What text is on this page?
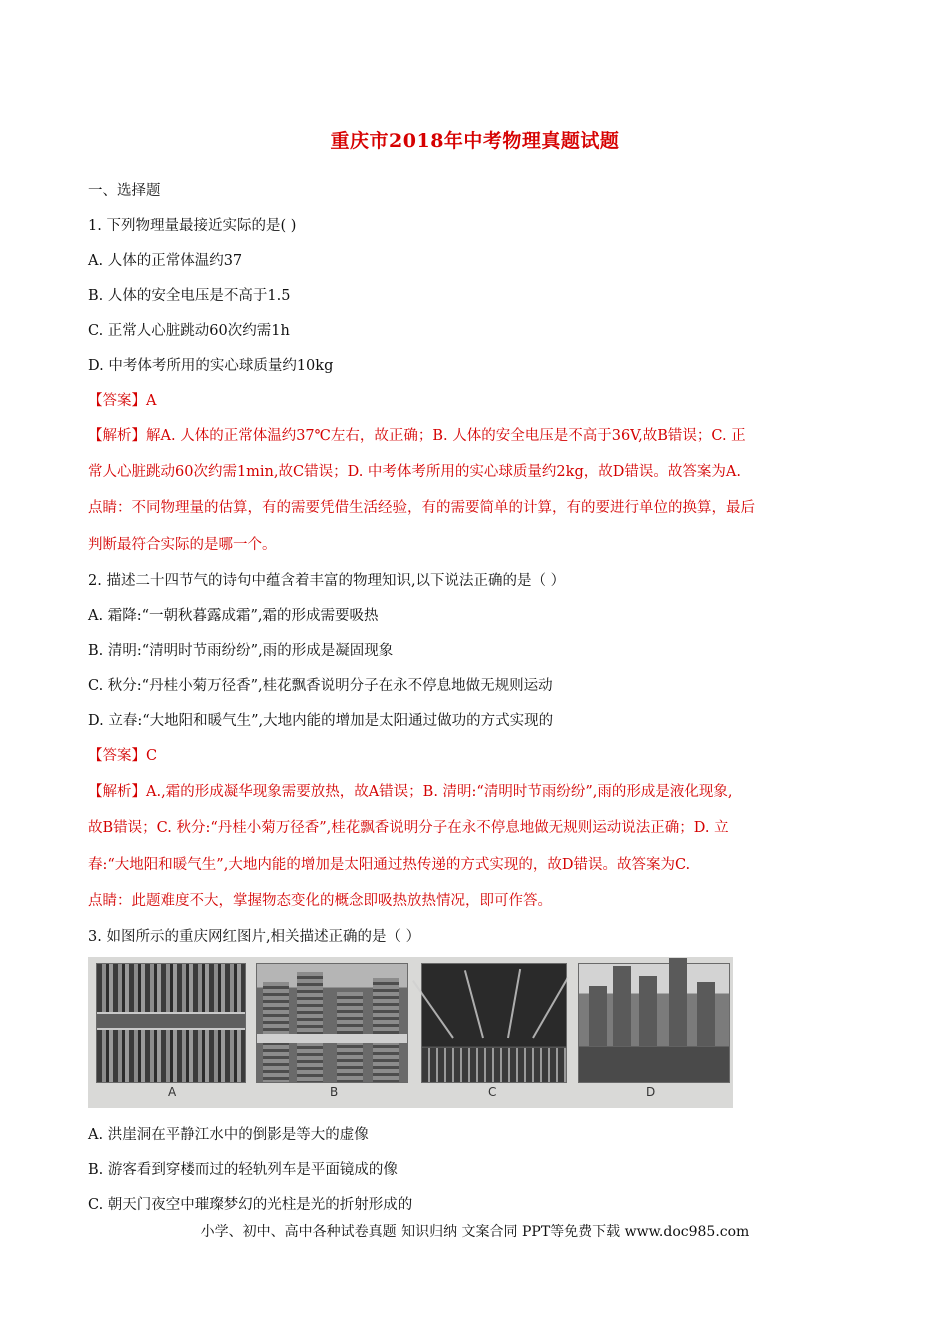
重庆市2018年中考物理真题试题
一、选择题
1. 下列物理量最接近实际的是( )
A. 人体的正常体温约37
B. 人体的安全电压是不高于1.5
C. 正常人心脏跳动60次约需1h
D. 中考体考所用的实心球质量约10kg
【答案】A
【解析】解A. 人体的正常体温约37℃左右，故正确；B. 人体的安全电压是不高于36V,故B错误；C. 正
常人心脏跳动60次约需1min,故C错误；D. 中考体考所用的实心球质量约2kg，故D错误。故答案为A.
点睛：不同物理量的估算，有的需要凭借生活经验，有的需要简单的计算，有的要进行单位的换算，最后
判断最符合实际的是哪一个。
2. 描述二十四节气的诗句中蕴含着丰富的物理知识,以下说法正确的是（ ）
A. 霜降:“一朝秋暮露成霜”,霜的形成需要吸热
B. 清明:“清明时节雨纷纷”,雨的形成是凝固现象
C. 秋分:“丹桂小菊万径香”,桂花飘香说明分子在永不停息地做无规则运动
D. 立春:“大地阳和暖气生”,大地内能的增加是太阳通过做功的方式实现的
【答案】C
【解析】A.,霜的形成凝华现象需要放热，故A错误；B. 清明:“清明时节雨纷纷”,雨的形成是液化现象,
故B错误；C. 秋分:“丹桂小菊万径香”,桂花飘香说明分子在永不停息地做无规则运动说法正确；D. 立
春:“大地阳和暖气生”,大地内能的增加是太阳通过热传递的方式实现的，故D错误。故答案为C.
点睛：此题难度不大，掌握物态变化的概念即吸热放热情况，即可作答。
3. 如图所示的重庆网红图片,相关描述正确的是（ ）
A	B	C	D
A. 洪崖洞在平静江水中的倒影是等大的虚像
B. 游客看到穿楼而过的轻轨列车是平面镜成的像
C. 朝天门夜空中璀璨梦幻的光柱是光的折射形成的
小学、初中、高中各种试卷真题 知识归纳 文案合同 PPT等免费下载 www.doc985.com
